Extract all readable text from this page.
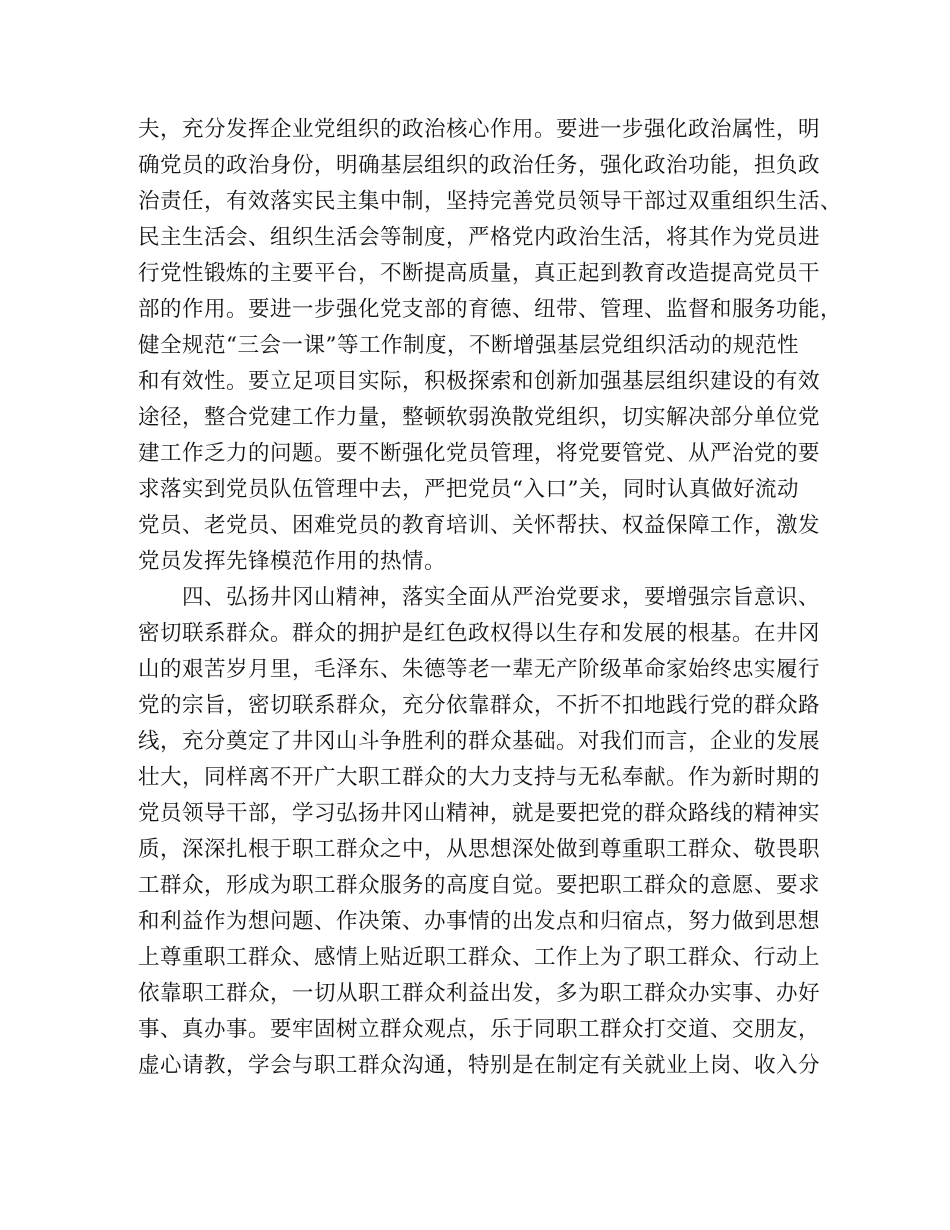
夫，充分发挥企业党组织的政治核心作用。要进一步强化政治属性，明
确党员的政治身份，明确基层组织的政治任务，强化政治功能，担负政
治责任，有效落实民主集中制，坚持完善党员领导干部过双重组织生活、
民主生活会、组织生活会等制度，严格党内政治生活，将其作为党员进
行党性锻炼的主要平台，不断提高质量，真正起到教育改造提高党员干
部的作用。要进一步强化党支部的育德、纽带、管理、监督和服务功能，
健全规范“三会一课”等工作制度，不断增强基层党组织活动的规范性
和有效性。要立足项目实际，积极探索和创新加强基层组织建设的有效
途径，整合党建工作力量，整顿软弱涣散党组织，切实解决部分单位党
建工作乏力的问题。要不断强化党员管理，将党要管党、从严治党的要
求落实到党员队伍管理中去，严把党员“入口”关，同时认真做好流动
党员、老党员、困难党员的教育培训、关怀帮扶、权益保障工作，激发
党员发挥先锋模范作用的热情。
四、弘扬井冈山精神，落实全面从严治党要求，要增强宗旨意识、
密切联系群众。群众的拥护是红色政权得以生存和发展的根基。在井冈
山的艰苦岁月里，毛泽东、朱德等老一辈无产阶级革命家始终忠实履行
党的宗旨，密切联系群众，充分依靠群众，不折不扣地践行党的群众路
线，充分奠定了井冈山斗争胜利的群众基础。对我们而言，企业的发展
壮大，同样离不开广大职工群众的大力支持与无私奉献。作为新时期的
党员领导干部，学习弘扬井冈山精神，就是要把党的群众路线的精神实
质，深深扎根于职工群众之中，从思想深处做到尊重职工群众、敬畏职
工群众，形成为职工群众服务的高度自觉。要把职工群众的意愿、要求
和利益作为想问题、作决策、办事情的出发点和归宿点，努力做到思想
上尊重职工群众、感情上贴近职工群众、工作上为了职工群众、行动上
依靠职工群众，一切从职工群众利益出发，多为职工群众办实事、办好
事、真办事。要牢固树立群众观点，乐于同职工群众打交道、交朋友，
虚心请教，学会与职工群众沟通，特别是在制定有关就业上岗、收入分
